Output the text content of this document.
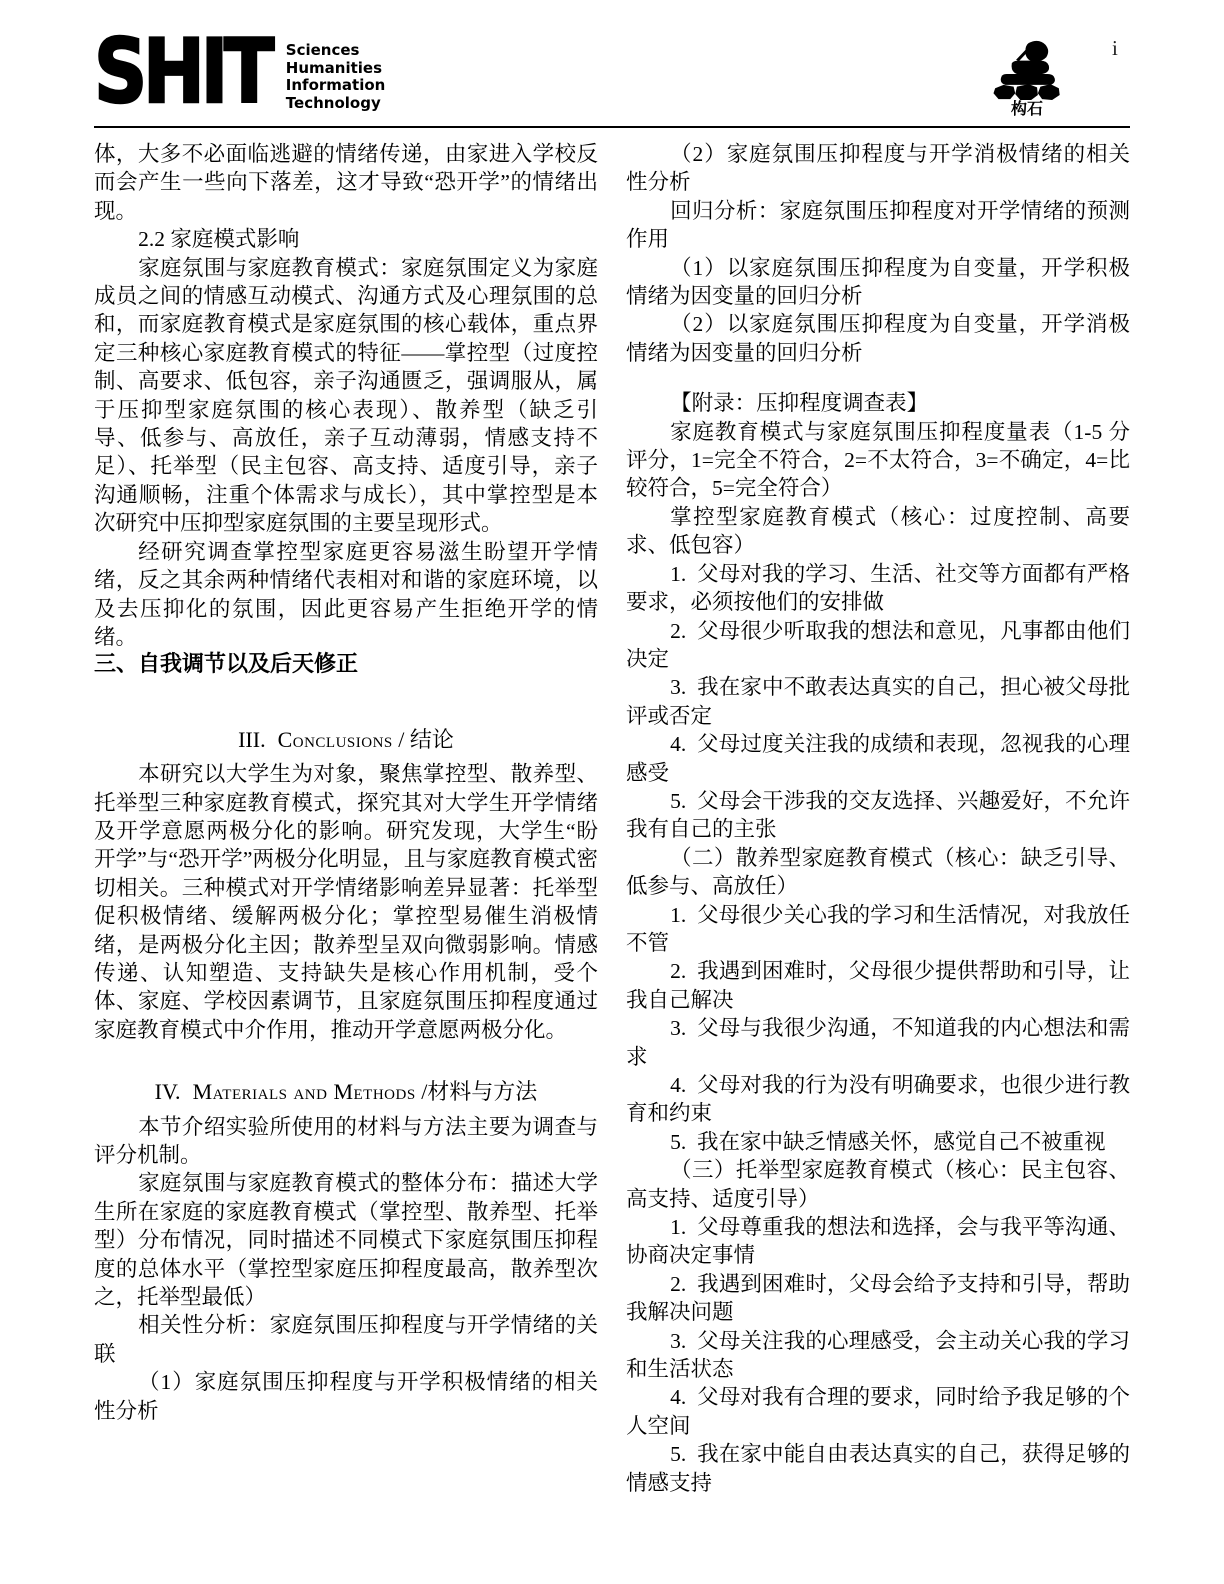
SHIT Sciences
Humanities
Information
Technology	构石
i

体，大多不必面临逃避的情绪传递，由家进入学校反而会产生一些向下落差，这才导致“恐开学”的情绪出现。

2.2 家庭模式影响

家庭氛围与家庭教育模式：家庭氛围定义为家庭成员之间的情感互动模式、沟通方式及心理氛围的总和，而家庭教育模式是家庭氛围的核心载体，重点界定三种核心家庭教育模式的特征——掌控型（过度控制、高要求、低包容，亲子沟通匮乏，强调服从，属于压抑型家庭氛围的核心表现）、散养型（缺乏引导、低参与、高放任，亲子互动薄弱，情感支持不足）、托举型（民主包容、高支持、适度引导，亲子沟通顺畅，注重个体需求与成长），其中掌控型是本次研究中压抑型家庭氛围的主要呈现形式。

经研究调查掌控型家庭更容易滋生盼望开学情绪，反之其余两种情绪代表相对和谐的家庭环境，以及去压抑化的氛围，因此更容易产生拒绝开学的情绪。

三、自我调节以及后天修正

III. Conclusions / 结论

本研究以大学生为对象，聚焦掌控型、散养型、托举型三种家庭教育模式，探究其对大学生开学情绪及开学意愿两极分化的影响。研究发现，大学生“盼开学”与“恐开学”两极分化明显，且与家庭教育模式密切相关。三种模式对开学情绪影响差异显著：托举型促积极情绪、缓解两极分化；掌控型易催生消极情绪，是两极分化主因；散养型呈双向微弱影响。情感传递、认知塑造、支持缺失是核心作用机制，受个体、家庭、学校因素调节，且家庭氛围压抑程度通过家庭教育模式中介作用，推动开学意愿两极分化。

IV. Materials and Methods /材料与方法

本节介绍实验所使用的材料与方法主要为调查与评分机制。

家庭氛围与家庭教育模式的整体分布：描述大学生所在家庭的家庭教育模式（掌控型、散养型、托举型）分布情况，同时描述不同模式下家庭氛围压抑程度的总体水平（掌控型家庭压抑程度最高，散养型次之，托举型最低）

相关性分析：家庭氛围压抑程度与开学情绪的关联

（1）家庭氛围压抑程度与开学积极情绪的相关性分析

（2）家庭氛围压抑程度与开学消极情绪的相关性分析

回归分析：家庭氛围压抑程度对开学情绪的预测作用

（1）以家庭氛围压抑程度为自变量，开学积极情绪为因变量的回归分析

（2）以家庭氛围压抑程度为自变量，开学消极情绪为因变量的回归分析

【附录：压抑程度调查表】

家庭教育模式与家庭氛围压抑程度量表（1-5 分评分，1=完全不符合，2=不太符合，3=不确定，4=比较符合，5=完全符合）

掌控型家庭教育模式（核心：过度控制、高要求、低包容）

1. 父母对我的学习、生活、社交等方面都有严格要求，必须按他们的安排做

2. 父母很少听取我的想法和意见，凡事都由他们决定

3. 我在家中不敢表达真实的自己，担心被父母批评或否定

4. 父母过度关注我的成绩和表现，忽视我的心理感受

5. 父母会干涉我的交友选择、兴趣爱好，不允许我有自己的主张

（二）散养型家庭教育模式（核心：缺乏引导、低参与、高放任）

1. 父母很少关心我的学习和生活情况，对我放任不管

2. 我遇到困难时，父母很少提供帮助和引导，让我自己解决

3. 父母与我很少沟通，不知道我的内心想法和需求

4. 父母对我的行为没有明确要求，也很少进行教育和约束

5. 我在家中缺乏情感关怀，感觉自己不被重视

（三）托举型家庭教育模式（核心：民主包容、高支持、适度引导）

1. 父母尊重我的想法和选择，会与我平等沟通、协商决定事情

2. 我遇到困难时，父母会给予支持和引导，帮助我解决问题

3. 父母关注我的心理感受，会主动关心我的学习和生活状态

4. 父母对我有合理的要求，同时给予我足够的个人空间

5. 我在家中能自由表达真实的自己，获得足够的情感支持
